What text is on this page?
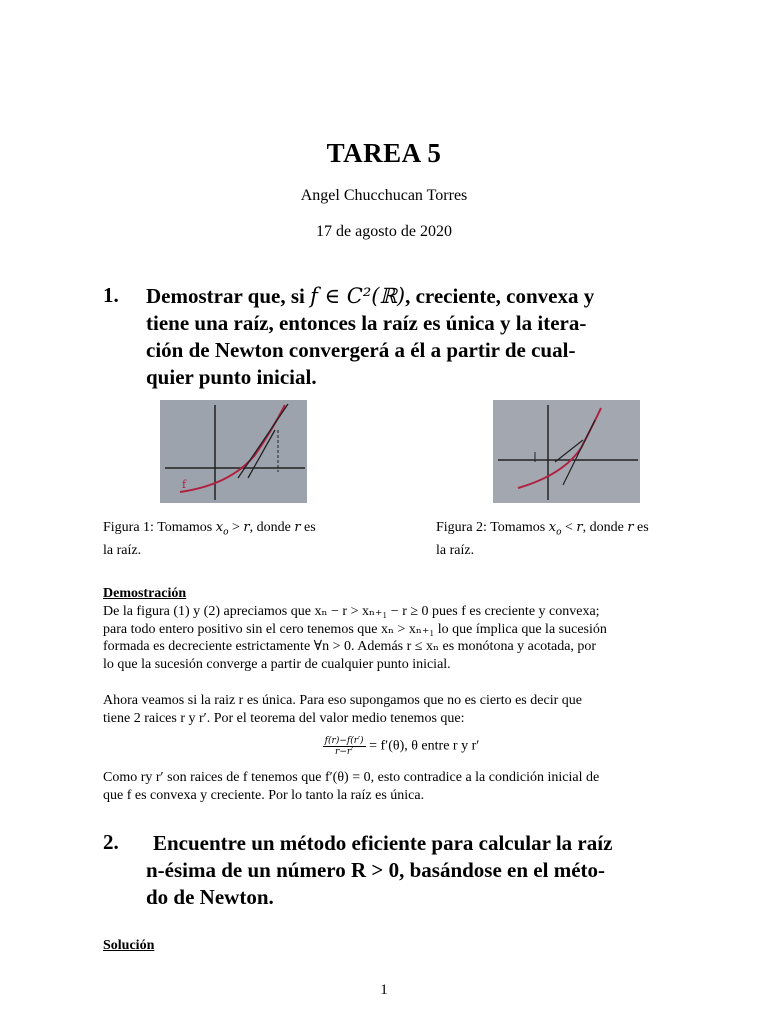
TAREA 5
Angel Chucchucan Torres
17 de agosto de 2020
1. Demostrar que, si f ∈ C²(ℝ), creciente, convexa y
tiene una raíz, entonces la raíz es única y la itera-
ción de Newton convergerá a él a partir de cual-
quier punto inicial.
f
Figura 1: Tomamos $x_o > r$, donde r es
la raíz.
Figura 2: Tomamos $x_o < r$, donde r es
la raíz.
Demostración
De la figura (1) y (2) apreciamos que xₙ − r > xₙ₊₁ − r ≥ 0 pues f es creciente y convexa;
para todo entero positivo sin el cero tenemos que xₙ > xₙ₊₁ lo que ímplica que la sucesión
formada es decreciente estrictamente ∀n > 0. Además r ≤ xₙ es monótona y acotada, por
lo que la sucesión converge a partir de cualquier punto inicial.
Ahora veamos si la raiz r es única. Para eso supongamos que no es cierto es decir que
tiene 2 raices r y r′. Por el teorema del valor medio tenemos que:
$\frac{f(r)-f(r')}{r-r'} = f'(\theta)$, θ entre r y r′
Como ry r′ son raices de f tenemos que f′(θ) = 0, esto contradice a la condición inicial de
que f es convexa y creciente. Por lo tanto la raíz es única.
2.	Encuentre un método eficiente para calcular la raíz
n-ésima de un número R > 0, basándose en el méto-
do de Newton.
Solución
1
